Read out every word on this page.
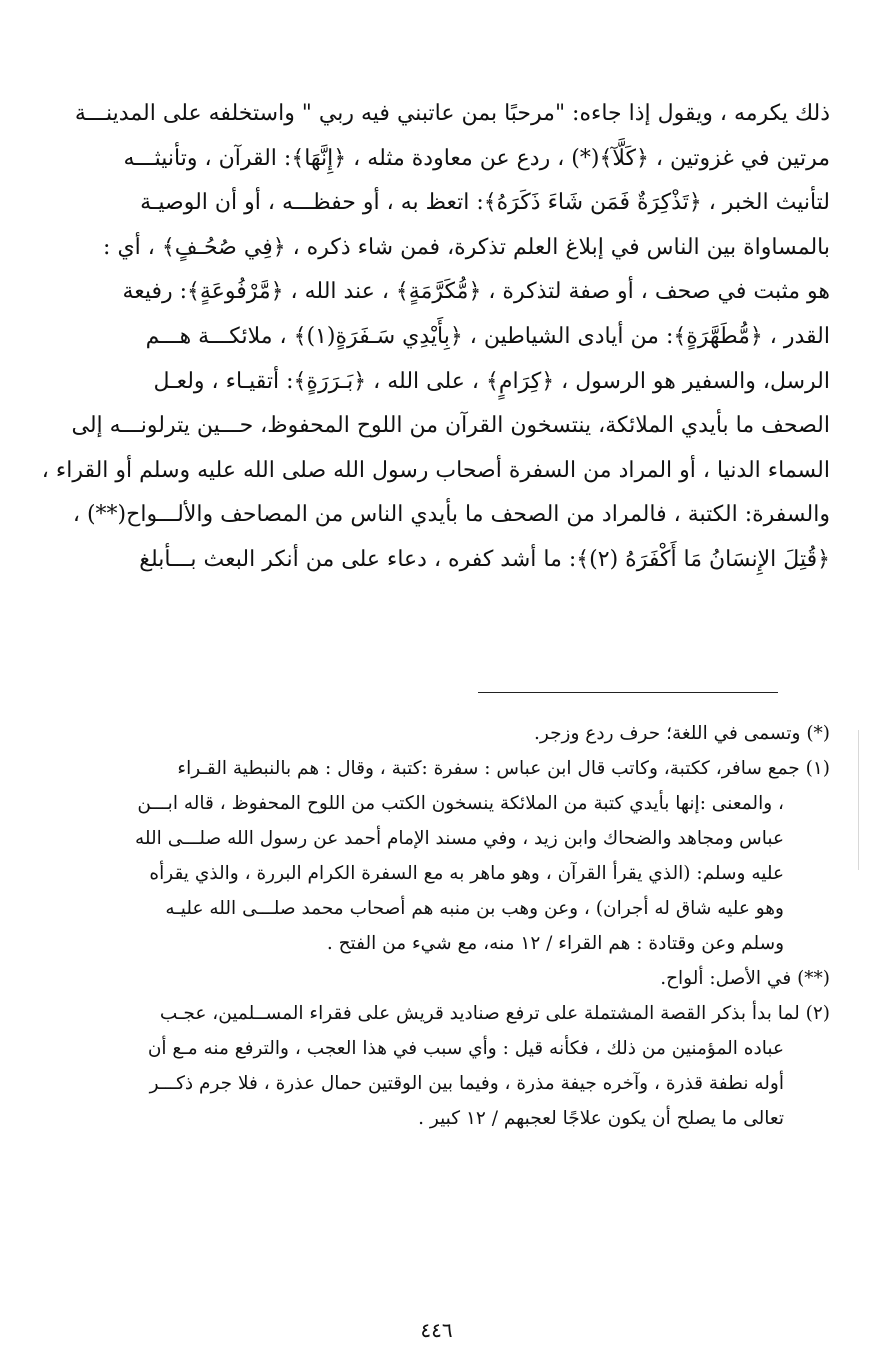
ذلك يكرمه ، ويقول إذا جاءه: "مرحبًا بمن عاتبني فيه ربي " واستخلفه على المدينـــة
مرتين في غزوتين ، ﴿كَلَّآ﴾(*) ، ردع عن معاودة مثله ، ﴿إِنَّهَا﴾: القرآن ، وتأنيثـــه
لتأنيث الخبر ، ﴿تَذْكِرَةٌ فَمَن شَاءَ ذَكَرَهُ﴾: اتعظ به ، أو حفظـــه ، أو أن الوصيـة
بالمساواة بين الناس في إبلاغ العلم تذكرة، فمن شاء ذكره ، ﴿فِي صُحُـفٍ﴾ ، أي :
هو مثبت في صحف ، أو صفة لتذكرة ، ﴿مُّكَرَّمَةٍ﴾ ، عند الله ، ﴿مَّرْفُوعَةٍ﴾: رفيعة
القدر ، ﴿مُّطَهَّرَةٍ﴾: من أيادى الشياطين ، ﴿بِأَيْدِي سَـفَرَةٍ(١)﴾ ، ملائكـــة هـــم
الرسل، والسفير هو الرسول ، ﴿كِرَامٍ﴾ ، على الله ، ﴿بَـرَرَةٍ﴾: أتقيـاء ، ولعـل
الصحف ما بأيدي الملائكة، ينتسخون القرآن من اللوح المحفوظ، حـــين يترلونـــه إلى
السماء الدنيا ، أو المراد من السفرة أصحاب رسول الله صلى الله عليه وسلم أو القراء ،
والسفرة: الكتبة ، فالمراد من الصحف ما بأيدي الناس من المصاحف والألـــواح(**) ،
﴿قُتِلَ الإِنسَانُ مَا أَكْفَرَهُ (٢)﴾: ما أشد كفره ، دعاء على من أنكر البعث بـــأبلغ
(*) وتسمى في اللغة؛ حرف ردع وزجر.
(١) جمع سافر، ككتبة، وكاتب قال ابن عباس : سفرة :كتبة ، وقال : هم بالنبطية القـراء
، والمعنى :إنها بأيدي كتبة من الملائكة ينسخون الكتب من اللوح المحفوظ ، قاله ابـــن
عباس ومجاهد والضحاك وابن زيد ، وفي مسند الإمام أحمد عن رسول الله صلـــى الله
عليه وسلم: (الذي يقرأ القرآن ، وهو ماهر به مع السفرة الكرام البررة ، والذي يقرأه
وهو عليه شاق له أجران) ، وعن وهب بن منبه هم أصحاب محمد صلـــى الله عليـه
وسلم وعن وقتادة : هم القراء / ١٢ منه، مع شيء من الفتح .
(**) في الأصل: ألواح.
(٢) لما بدأ بذكر القصة المشتملة على ترفع صناديد قريش على فقراء المســلمين، عجـب
عباده المؤمنين من ذلك ، فكأنه قيل : وأي سبب في هذا العجب ، والترفع منه مـع أن
أوله نطفة قذرة ، وآخره جيفة مذرة ، وفيما بين الوقتين حمال عذرة ، فلا جرم ذكـــر
تعالى ما يصلح أن يكون علاجًا لعجبهم / ١٢ كبير .
٤٤٦
